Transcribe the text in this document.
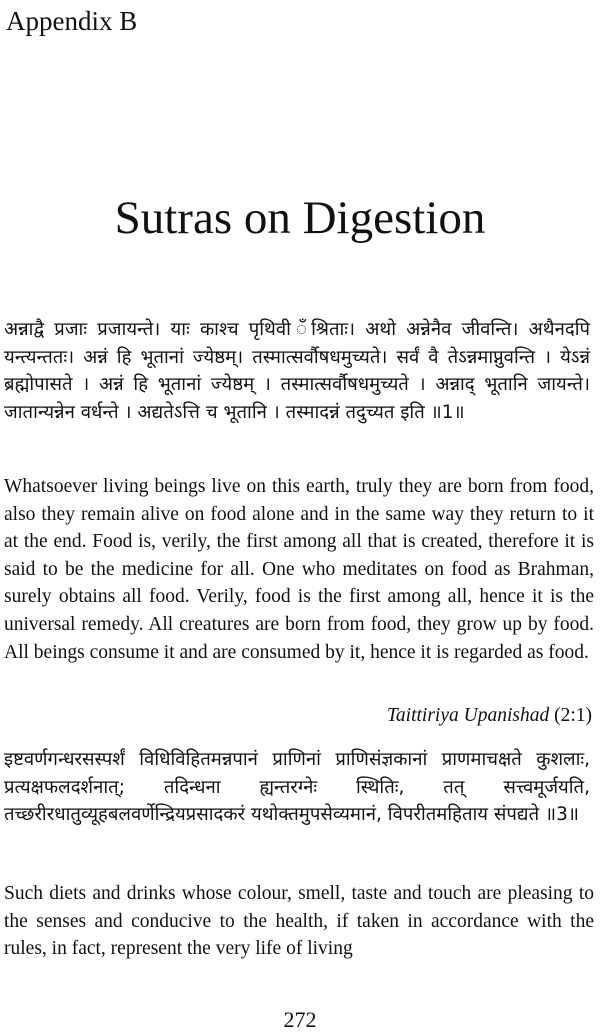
Appendix B
Sutras on Digestion

अन्नाद्वै प्रजाः प्रजायन्ते। याः काश्च पृथिवी ँश्रिताः। अथो अन्नेनैव जीवन्ति। अथैनदपि यन्त्यन्ततः। अन्नं हि भूतानां ज्येष्ठम्। तस्मात्सर्वौषधमुच्यते। सर्वं वै तेऽन्नमाप्नुवन्ति । येऽन्नं ब्रह्मोपासते । अन्नं हि भूतानां ज्येष्ठम् । तस्मात्सर्वौषधमुच्यते । अन्नाद् भूतानि जायन्ते। जातान्यन्नेन वर्धन्ते । अद्यतेऽत्ति च भूतानि । तस्मादन्नं तदुच्यत इति ॥1॥

Whatsoever living beings live on this earth, truly they are born from food, also they remain alive on food alone and in the same way they return to it at the end. Food is, verily, the first among all that is created, therefore it is said to be the medicine for all. One who meditates on food as Brahman, surely obtains all food. Verily, food is the first among all, hence it is the universal remedy. All creatures are born from food, they grow up by food. All beings consume it and are consumed by it, hence it is regarded as food.

Taittiriya Upanishad (2:1)

इष्टवर्णगन्धरसस्पर्शं विधिविहितमन्नपानं प्राणिनां प्राणिसंज्ञकानां प्राणमाचक्षते कुशलाः, प्रत्यक्षफलदर्शनात्; तदिन्धना ह्यन्तरग्नेः स्थितिः, तत् सत्त्वमूर्जयति, तच्छरीरधातुव्यूहबलवर्णेन्द्रियप्रसादकरं यथोक्तमुपसेव्यमानं, विपरीतमहिताय संपद्यते ॥3॥

Such diets and drinks whose colour, smell, taste and touch are pleasing to the senses and conducive to the health, if taken in accordance with the rules, in fact, represent the very life of living

272
